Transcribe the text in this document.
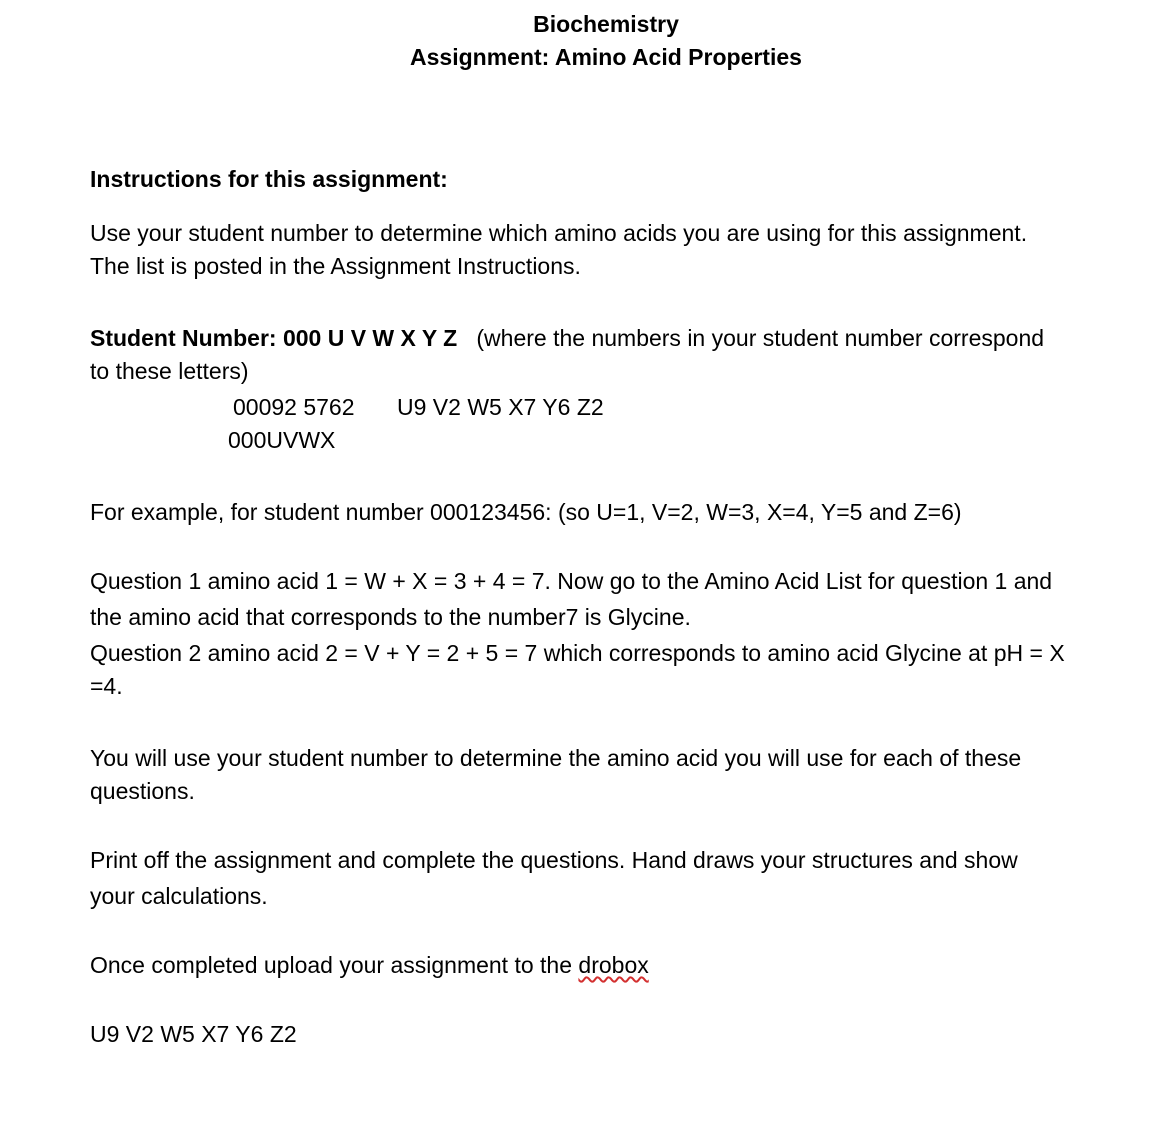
Biochemistry
Assignment: Amino Acid Properties
Instructions for this assignment:
Use your student number to determine which amino acids you are using for this assignment.
The list is posted in the Assignment Instructions.
Student Number: 000 U V W X Y Z (where the numbers in your student number correspond
to these letters)
00092 5762 U9 V2 W5 X7 Y6 Z2
000UVWX
For example, for student number 000123456: (so U=1, V=2, W=3, X=4, Y=5 and Z=6)
Question 1 amino acid 1 = W + X = 3 + 4 = 7. Now go to the Amino Acid List for question 1 and
the amino acid that corresponds to the number7 is Glycine.
Question 2 amino acid 2 = V + Y = 2 + 5 = 7 which corresponds to amino acid Glycine at pH = X
=4.
You will use your student number to determine the amino acid you will use for each of these
questions.
Print off the assignment and complete the questions. Hand draws your structures and show
your calculations.
Once completed upload your assignment to the drobox
U9 V2 W5 X7 Y6 Z2
